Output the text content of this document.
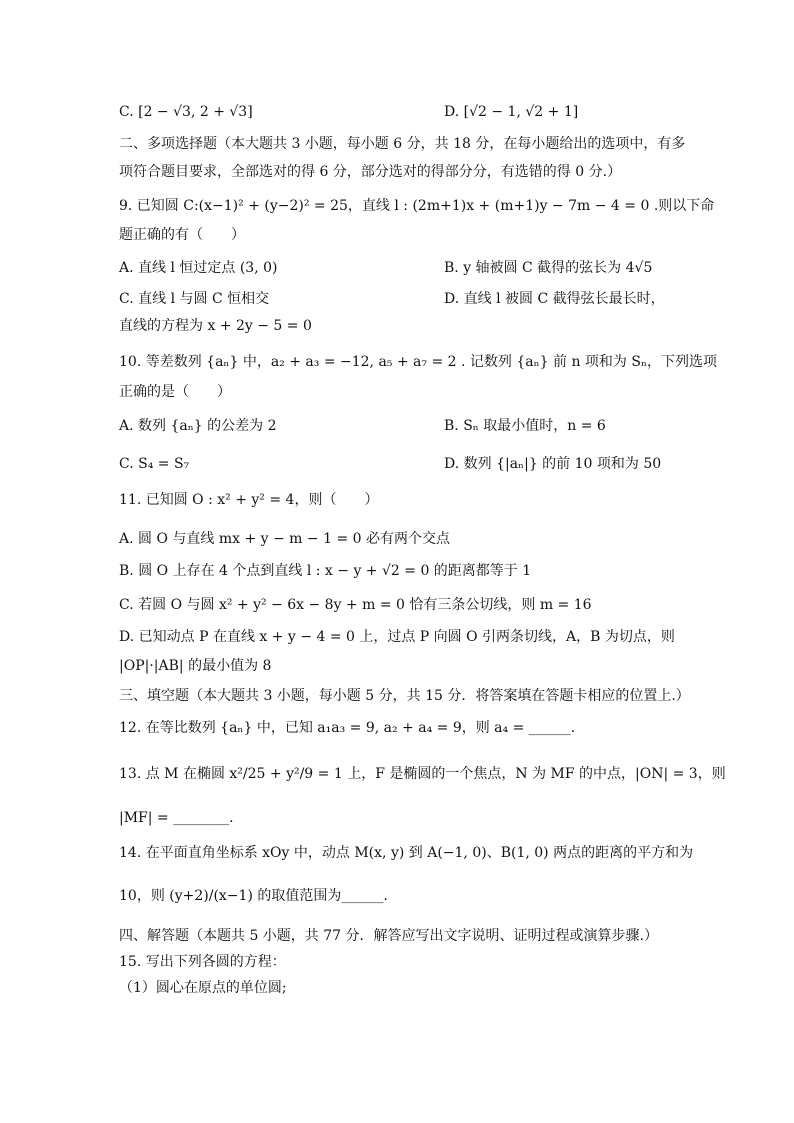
C. [2 − √3, 2 + √3]	D. [√2 − 1, √2 + 1]
二、多项选择题（本大题共 3 小题，每小题 6 分，共 18 分，在每小题给出的选项中，有多
项符合题目要求，全部选对的得 6 分，部分选对的得部分分，有选错的得 0 分.）
9. 已知圆 C:(x−1)² + (y−2)² = 25，直线 l : (2m+1)x + (m+1)y − 7m − 4 = 0 .则以下命
题正确的有（　　）
A. 直线 l 恒过定点 (3, 0)	B. y 轴被圆 C 截得的弦长为 4√5
C. 直线 l 与圆 C 恒相交	D. 直线 l 被圆 C 截得弦长最长时，
直线的方程为 x + 2y − 5 = 0
10. 等差数列 {aₙ} 中，a₂ + a₃ = −12, a₅ + a₇ = 2 . 记数列 {aₙ} 前 n 项和为 Sₙ，下列选项
正确的是（　　）
A. 数列 {aₙ} 的公差为 2	B. Sₙ 取最小值时，n = 6
C. S₄ = S₇	D. 数列 {|aₙ|} 的前 10 项和为 50
11. 已知圆 O : x² + y² = 4，则（　　）
A. 圆 O 与直线 mx + y − m − 1 = 0 必有两个交点
B. 圆 O 上存在 4 个点到直线 l : x − y + √2 = 0 的距离都等于 1
C. 若圆 O 与圆 x² + y² − 6x − 8y + m = 0 恰有三条公切线，则 m = 16
D. 已知动点 P 在直线 x + y − 4 = 0 上，过点 P 向圆 O 引两条切线，A，B 为切点，则
|OP|·|AB| 的最小值为 8
三、填空题（本大题共 3 小题，每小题 5 分，共 15 分．将答案填在答题卡相应的位置上.）
12. 在等比数列 {aₙ} 中，已知 a₁a₃ = 9, a₂ + a₄ = 9，则 a₄ = ______.
13. 点 M 在椭圆 x²/25 + y²/9 = 1 上，F 是椭圆的一个焦点，N 为 MF 的中点，|ON| = 3，则
|MF| = ________.
14. 在平面直角坐标系 xOy 中，动点 M(x, y) 到 A(−1, 0)、B(1, 0) 两点的距离的平方和为
10，则 (y+2)/(x−1) 的取值范围为______.
四、解答题（本题共 5 小题，共 77 分．解答应写出文字说明、证明过程或演算步骤.）
15. 写出下列各圆的方程：
（1）圆心在原点的单位圆;
